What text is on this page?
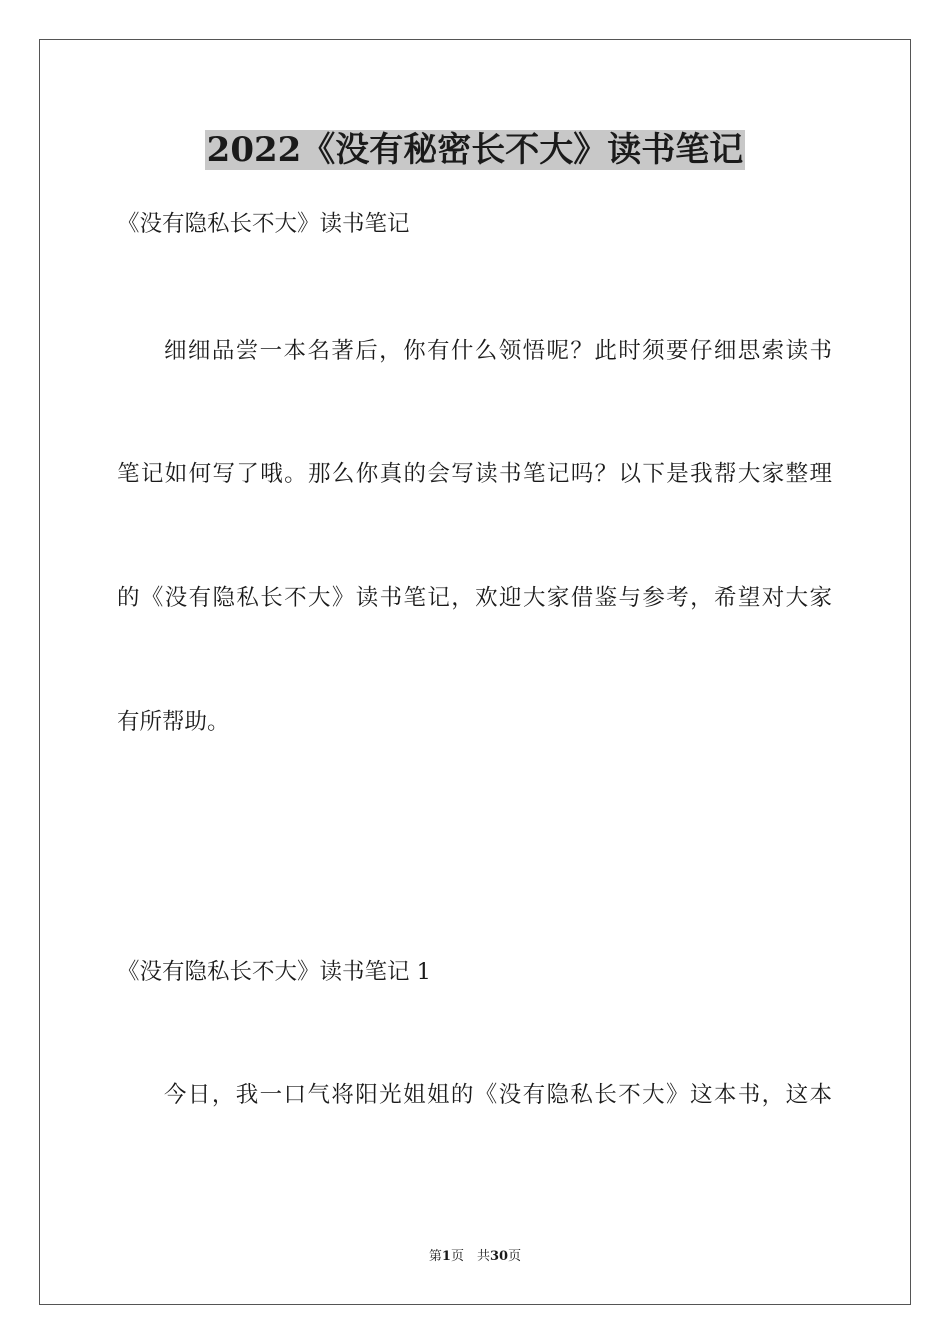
2022《没有秘密长不大》读书笔记
《没有隐私长不大》读书笔记
细细品尝一本名著后，你有什么领悟呢？此时须要仔细思索读书
笔记如何写了哦。那么你真的会写读书笔记吗？以下是我帮大家整理
的《没有隐私长不大》读书笔记，欢迎大家借鉴与参考，希望对大家
有所帮助。
《没有隐私长不大》读书笔记 1
今日，我一口气将阳光姐姐的《没有隐私长不大》这本书，这本
第1页　共30页
